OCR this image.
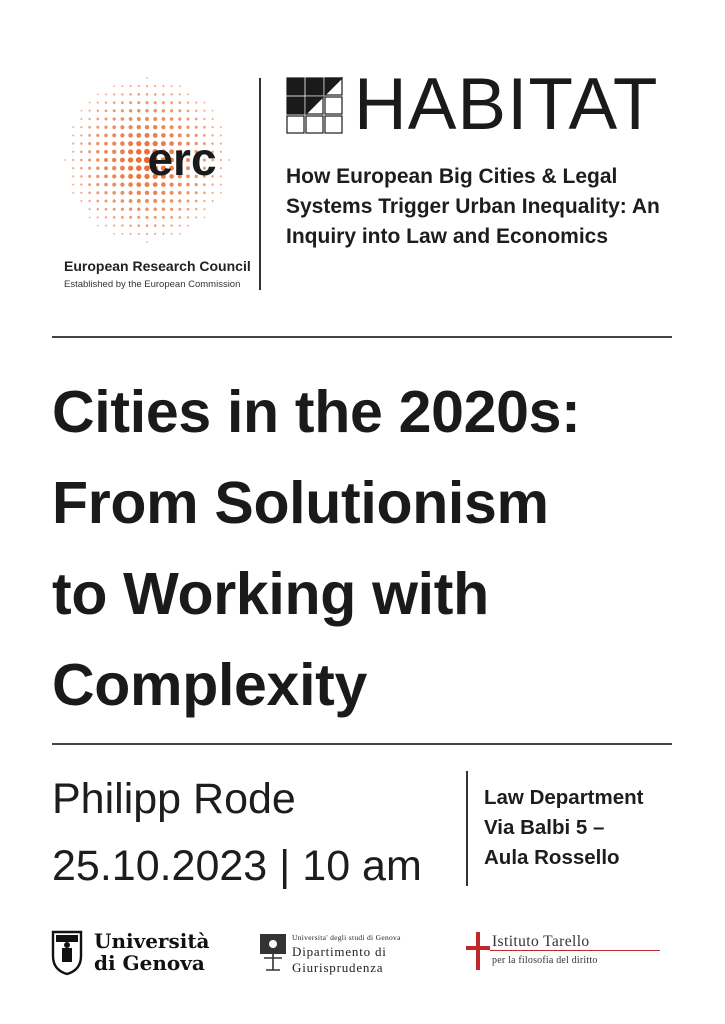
erc
European Research Council
Established by the European Commission
HABITAT
How European Big Cities & Legal Systems Trigger Urban Inequality: An Inquiry into Law and Economics
Cities in the 2020s:
From Solutionism
to Working with
Complexity
Philipp Rode
25.10.2023 | 10 am
Law Department
Via Balbi 5 –
Aula Rossello
Università
di Genova
Universita' degli studi di Genova
Dipartimento di
Giurisprudenza
Istituto Tarello
per la filosofia del diritto
